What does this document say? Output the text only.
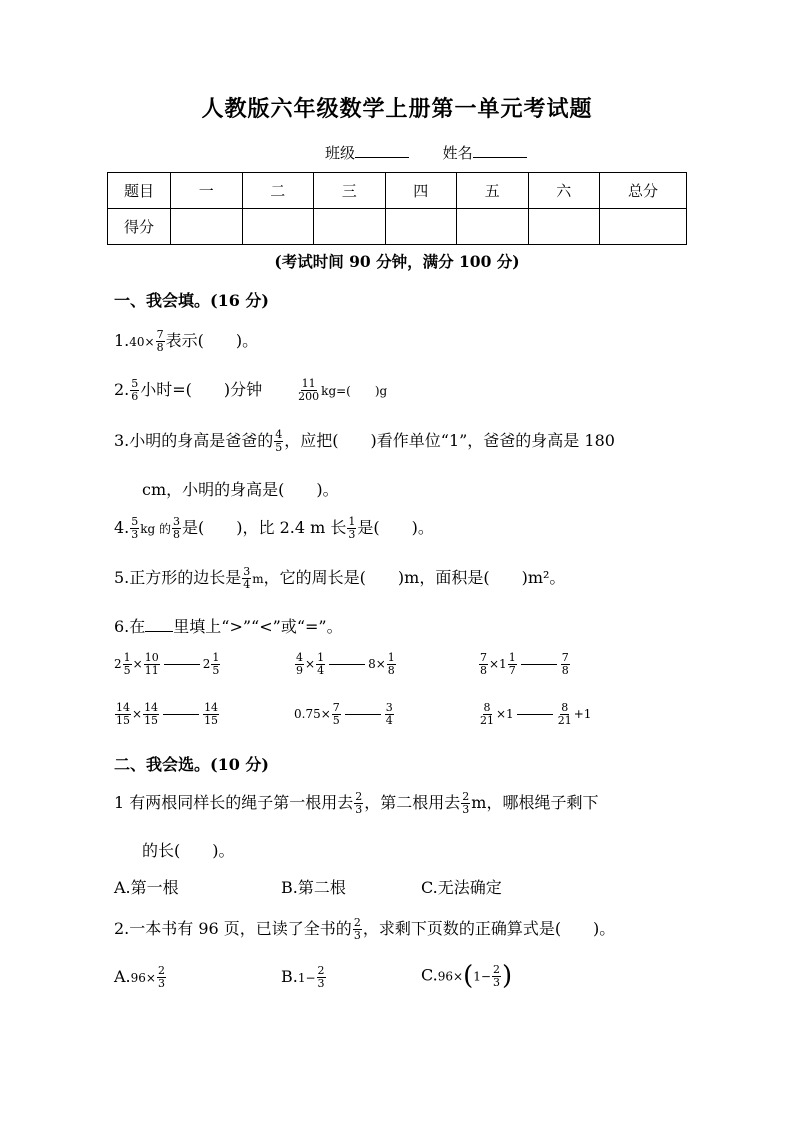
人教版六年级数学上册第一单元考试题
班级	姓名
题目	一	二	三	四	五	六	总分
得分							
(考试时间 90 分钟，满分 100 分)
一、我会填。(16 分)
$1.40\times \frac{7}{8}$ 表示(　　)。
2. $\frac{5}{6}$ 小时=(　　)分钟	$\frac{11}{200} kg=$(　　)g
3.小明的身高是爸爸的 $\frac{4}{5}$ ，应把(　　)看作单位“1”，爸爸的身高是 180
cm，小明的身高是(　　)。
4. $\frac{5}{3}$ kg 的 $\frac{3}{8}$ 是(　　)，比 2.4 m 长 $\frac{1}{3}$ 是(　　)。
5.正方形的边长是 $\frac{3}{4}$ m，它的周长是(　　)m，面积是(　　)m²。
6.在 里填上“>”“<”或“=”。
$2 \frac{1}{5} \times \frac{10}{11}$	$2 \frac{1}{5}$	$\frac{4}{9} \times \frac{1}{4}$	$8\times \frac{1}{8}$	$\frac{7}{8} \times 1 \frac{1}{7}$	$\frac{7}{8}$
$\frac{14}{15} \times \frac{14}{15}$	$\frac{14}{15}$	$0.75\times \frac{7}{5}$	$\frac{3}{4}$	$\frac{8}{21} \times 1$	$\frac{8}{21} +1$
二、我会选。(10 分)
1 有两根同样长的绳子第一根用去 $\frac{2}{3}$ ，第二根用去 $\frac{2}{3}$ m，哪根绳子剩下
的长(　　)。
A.第一根	B.第二根	C.无法确定
2.一本书有 96 页，已读了全书的 $\frac{2}{3}$ ，求剩下页数的正确算式是(　　)。
$A.96\times \frac{2}{3}$	$B.1- \frac{2}{3}$	$C.96\times(1- \frac{2}{3}$ )
